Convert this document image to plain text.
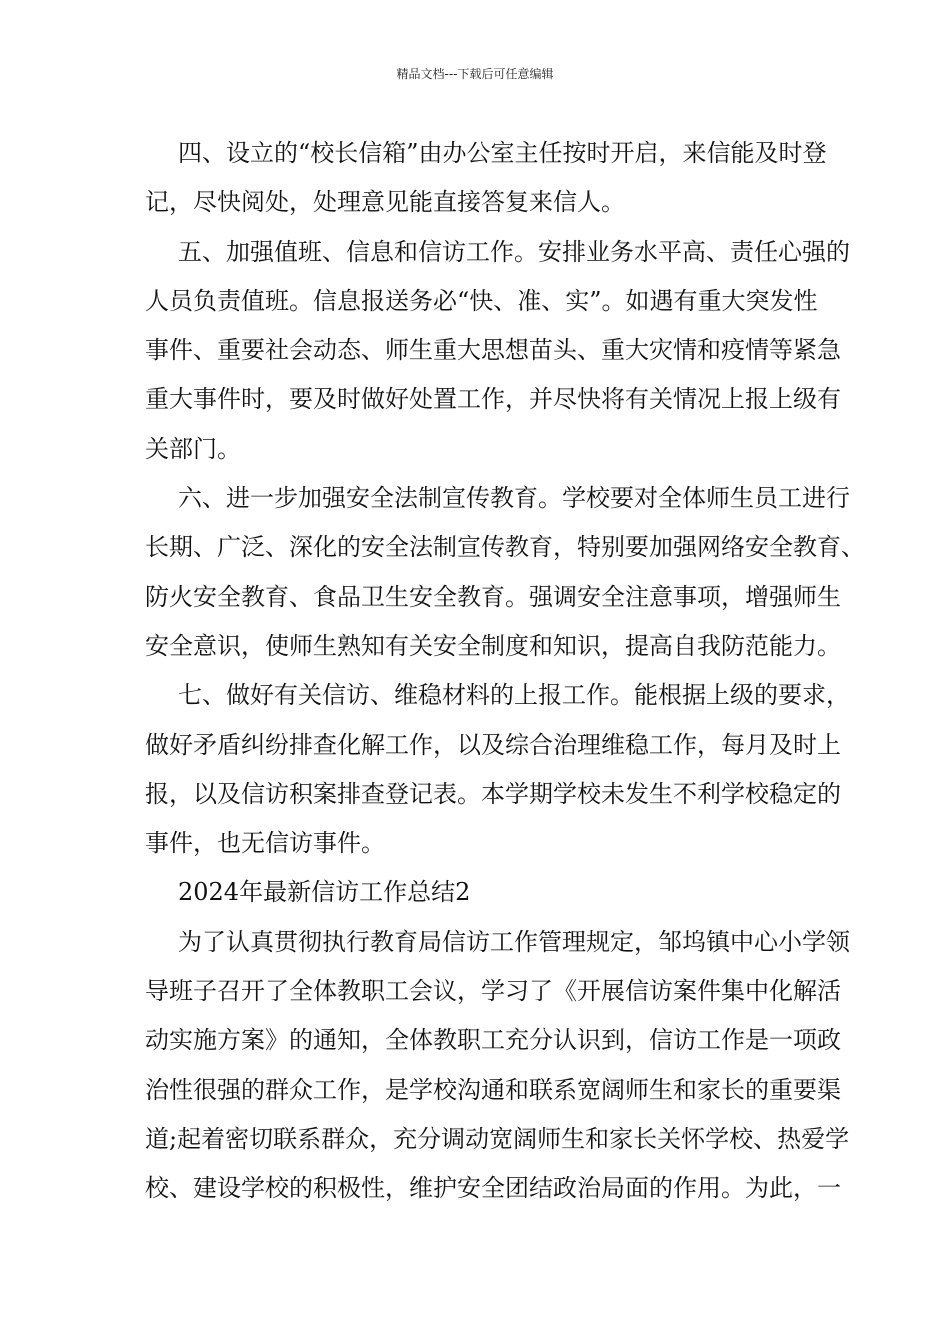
精品文档---下载后可任意编辑
四、设立的“校长信箱”由办公室主任按时开启，来信能及时登
记，尽快阅处，处理意见能直接答复来信人。
五、加强值班、信息和信访工作。安排业务水平高、责任心强的
人员负责值班。信息报送务必“快、准、实”。如遇有重大突发性
事件、重要社会动态、师生重大思想苗头、重大灾情和疫情等紧急
重大事件时，要及时做好处置工作，并尽快将有关情况上报上级有
关部门。
六、进一步加强安全法制宣传教育。学校要对全体师生员工进行
长期、广泛、深化的安全法制宣传教育，特别要加强网络安全教育、
防火安全教育、食品卫生安全教育。强调安全注意事项，增强师生
安全意识，使师生熟知有关安全制度和知识，提高自我防范能力。
七、做好有关信访、维稳材料的上报工作。能根据上级的要求，
做好矛盾纠纷排查化解工作，以及综合治理维稳工作，每月及时上
报，以及信访积案排查登记表。本学期学校未发生不利学校稳定的
事件，也无信访事件。
2024年最新信访工作总结2
为了认真贯彻执行教育局信访工作管理规定，邹坞镇中心小学领
导班子召开了全体教职工会议，学习了《开展信访案件集中化解活
动实施方案》的通知，全体教职工充分认识到，信访工作是一项政
治性很强的群众工作，是学校沟通和联系宽阔师生和家长的重要渠
道;起着密切联系群众，充分调动宽阔师生和家长关怀学校、热爱学
校、建设学校的积极性，维护安全团结政治局面的作用。为此，一
